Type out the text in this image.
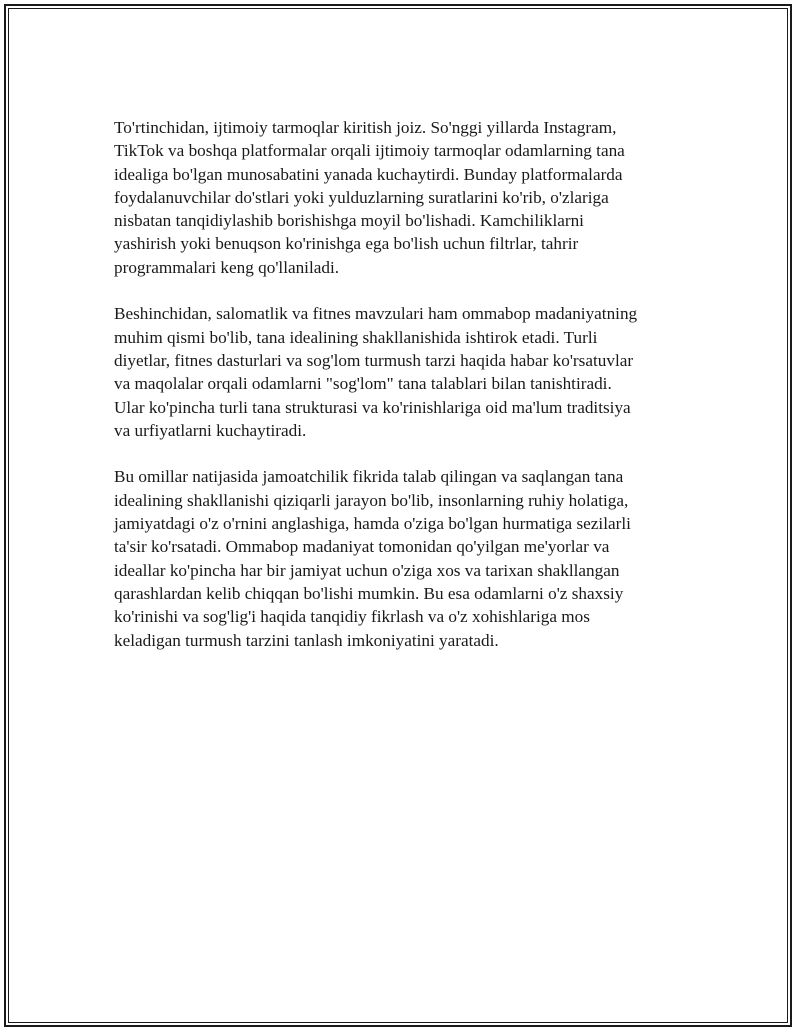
To'rtinchidan, ijtimoiy tarmoqlar kiritish joiz. So'nggi yillarda Instagram,
TikTok va boshqa platformalar orqali ijtimoiy tarmoqlar odamlarning tana
idealiga bo'lgan munosabatini yanada kuchaytirdi. Bunday platformalarda
foydalanuvchilar do'stlari yoki yulduzlarning suratlarini ko'rib, o'zlariga
nisbatan tanqidiylashib borishishga moyil bo'lishadi. Kamchiliklarni
yashirish yoki benuqson ko'rinishga ega bo'lish uchun filtrlar, tahrir
programmalari keng qo'llaniladi.

Beshinchidan, salomatlik va fitnes mavzulari ham ommabop madaniyatning
muhim qismi bo'lib, tana idealining shakllanishida ishtirok etadi. Turli
diyetlar, fitnes dasturlari va sog'lom turmush tarzi haqida habar ko'rsatuvlar
va maqolalar orqali odamlarni "sog'lom" tana talablari bilan tanishtiradi.
Ular ko'pincha turli tana strukturasi va ko'rinishlariga oid ma'lum traditsiya
va urfiyatlarni kuchaytiradi.

Bu omillar natijasida jamoatchilik fikrida talab qilingan va saqlangan tana
idealining shakllanishi qiziqarli jarayon bo'lib, insonlarning ruhiy holatiga,
jamiyatdagi o'z o'rnini anglashiga, hamda o'ziga bo'lgan hurmatiga sezilarli
ta'sir ko'rsatadi. Ommabop madaniyat tomonidan qo'yilgan me'yorlar va
ideallar ko'pincha har bir jamiyat uchun o'ziga xos va tarixan shakllangan
qarashlardan kelib chiqqan bo'lishi mumkin. Bu esa odamlarni o'z shaxsiy
ko'rinishi va sog'lig'i haqida tanqidiy fikrlash va o'z xohishlariga mos
keladigan turmush tarzini tanlash imkoniyatini yaratadi.
